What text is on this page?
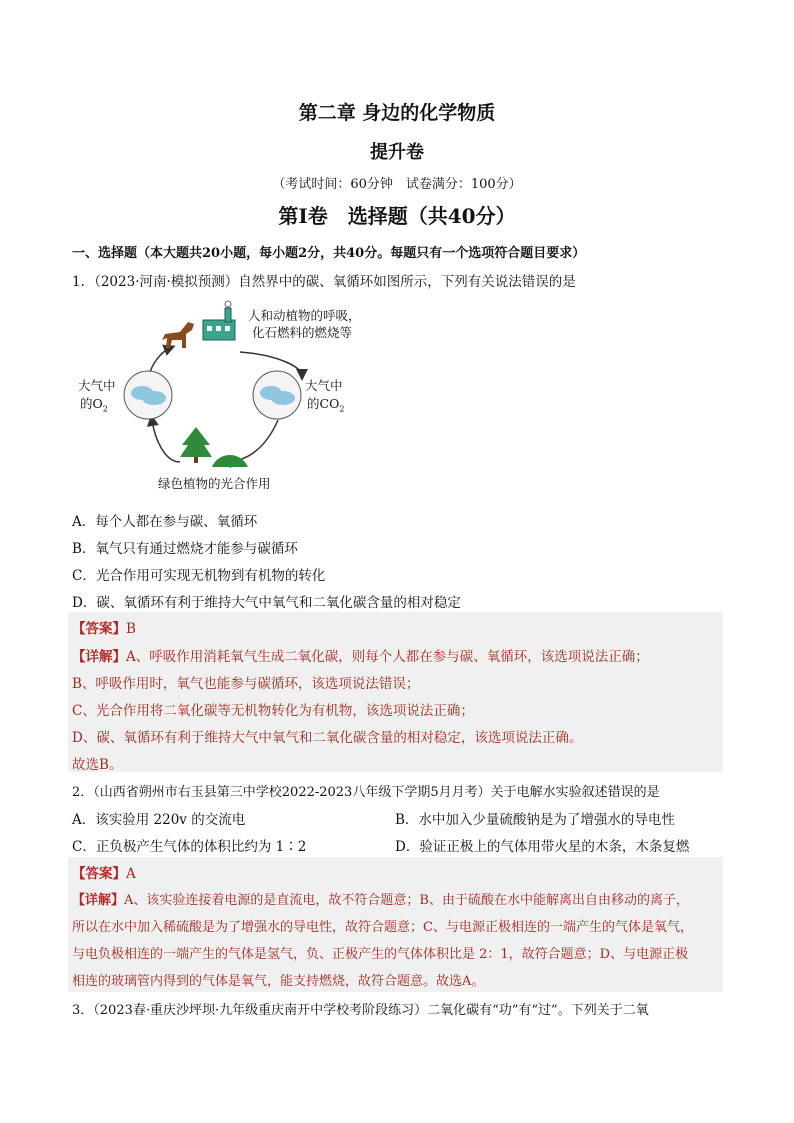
第二章 身边的化学物质
提升卷
（考试时间：60分钟　试卷满分：100分）
第Ⅰ卷　选择题（共40分）
一、选择题（本大题共20小题，每小题2分，共40分。每题只有一个选项符合题目要求）
1．（2023·河南·模拟预测）自然界中的碳、氧循环如图所示，下列有关说法错误的是
人和动植物的呼吸，
化石燃料的燃烧等
大气中
的$O_2$
大气中
的$CO_2$
绿色植物的光合作用
A．每个人都在参与碳、氧循环
B．氧气只有通过燃烧才能参与碳循环
C．光合作用可实现无机物到有机物的转化
D．碳、氧循环有利于维持大气中氧气和二氧化碳含量的相对稳定
【答案】B
【详解】A、呼吸作用消耗氧气生成二氧化碳，则每个人都在参与碳、氧循环，该选项说法正确；
B、呼吸作用时，氧气也能参与碳循环，该选项说法错误；
C、光合作用将二氧化碳等无机物转化为有机物，该选项说法正确；
D、碳、氧循环有利于维持大气中氧气和二氧化碳含量的相对稳定，该选项说法正确。
故选B。
2．（山西省朔州市右玉县第三中学校2022-2023八年级下学期5月月考）关于电解水实验叙述错误的是
A．该实验用 220v 的交流电	B．水中加入少量硫酸钠是为了增强水的导电性
C．正负极产生气体的体积比约为 1∶2	D．验证正极上的气体用带火星的木条，木条复燃
【答案】A
【详解】A、该实验连接着电源的是直流电，故不符合题意；B、由于硫酸在水中能解离出自由移动的离子，
所以在水中加入稀硫酸是为了增强水的导电性，故符合题意；C、与电源正极相连的一端产生的气体是氧气，
与电负极相连的一端产生的气体是氢气，负、正极产生的气体体积比是 2：1，故符合题意；D、与电源正极
相连的玻璃管内得到的气体是氧气，能支持燃烧，故符合题意。故选A。
3．（2023春·重庆沙坪坝·九年级重庆南开中学校考阶段练习）二氧化碳有“功”有“过”。下列关于二氧
